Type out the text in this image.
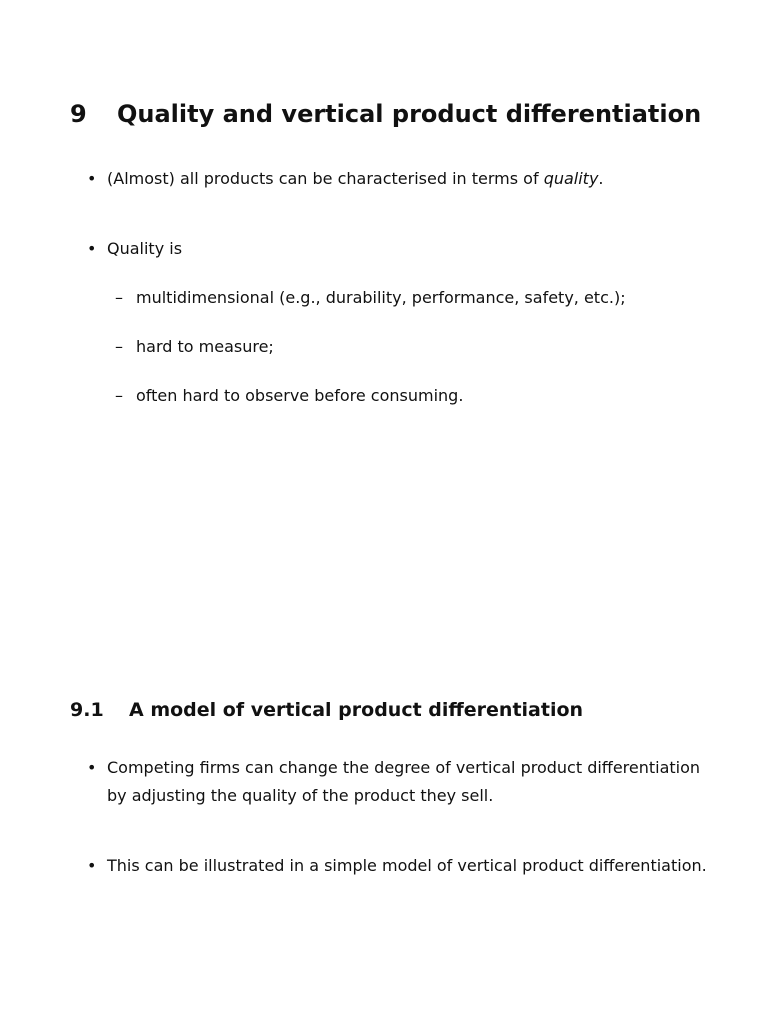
9 Quality and vertical product differentiation
• (Almost) all products can be characterised in terms of quality.
• Quality is
– multidimensional (e.g., durability, performance, safety, etc.);
– hard to measure;
– often hard to observe before consuming.
9.1 A model of vertical product differentiation
• Competing firms can change the degree of vertical product differentiation
by adjusting the quality of the product they sell.
• This can be illustrated in a simple model of vertical product differentiation.
